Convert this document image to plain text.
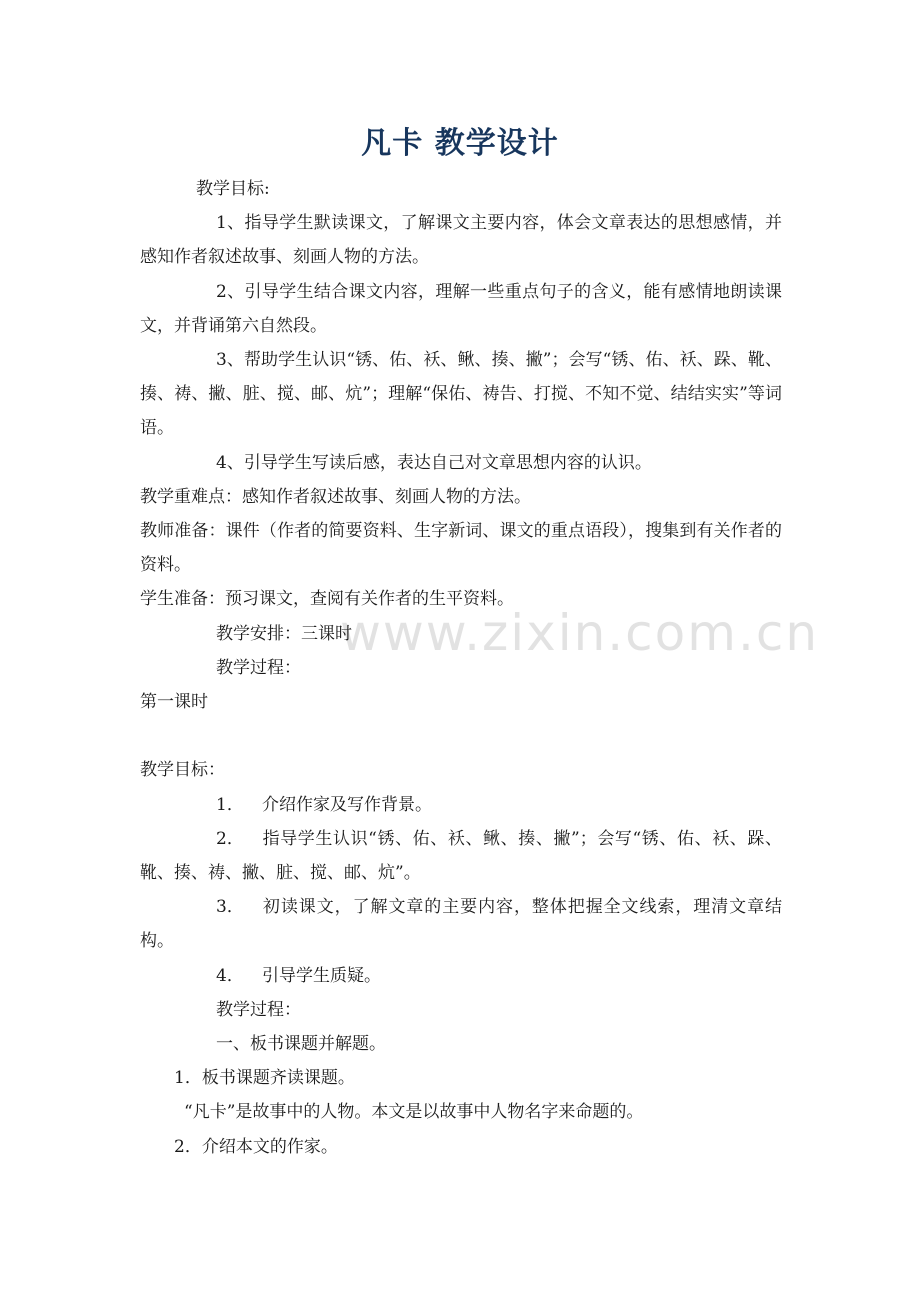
凡卡 教学设计
www.zixin.com.cn

教学目标:

1、指导学生默读课文，了解课文主要内容，体会文章表达的思想感情，并感知作者叙述故事、刻画人物的方法。

2、引导学生结合课文内容，理解一些重点句子的含义，能有感情地朗读课文，并背诵第六自然段。

3、帮助学生认识“锈、佑、袄、鳅、揍、撇”；会写“锈、佑、袄、跺、靴、揍、祷、撇、脏、搅、邮、炕”；理解“保佑、祷告、打搅、不知不觉、结结实实”等词语。

4、引导学生写读后感，表达自己对文章思想内容的认识。

教学重难点：感知作者叙述故事、刻画人物的方法。

教师准备：课件（作者的简要资料、生字新词、课文的重点语段），搜集到有关作者的资料。

学生准备：预习课文，查阅有关作者的生平资料。

教学安排：三课时

教学过程：

第一课时

教学目标：

1． 介绍作家及写作背景。

2． 指导学生认识“锈、佑、袄、鳅、揍、撇”；会写“锈、佑、袄、跺、靴、揍、祷、撇、脏、搅、邮、炕”。

3． 初读课文，了解文章的主要内容，整体把握全文线索，理清文章结构。

4． 引导学生质疑。

教学过程：

一、板书课题并解题。

1．板书课题齐读课题。

“凡卡”是故事中的人物。本文是以故事中人物名字来命题的。

2．介绍本文的作家。
